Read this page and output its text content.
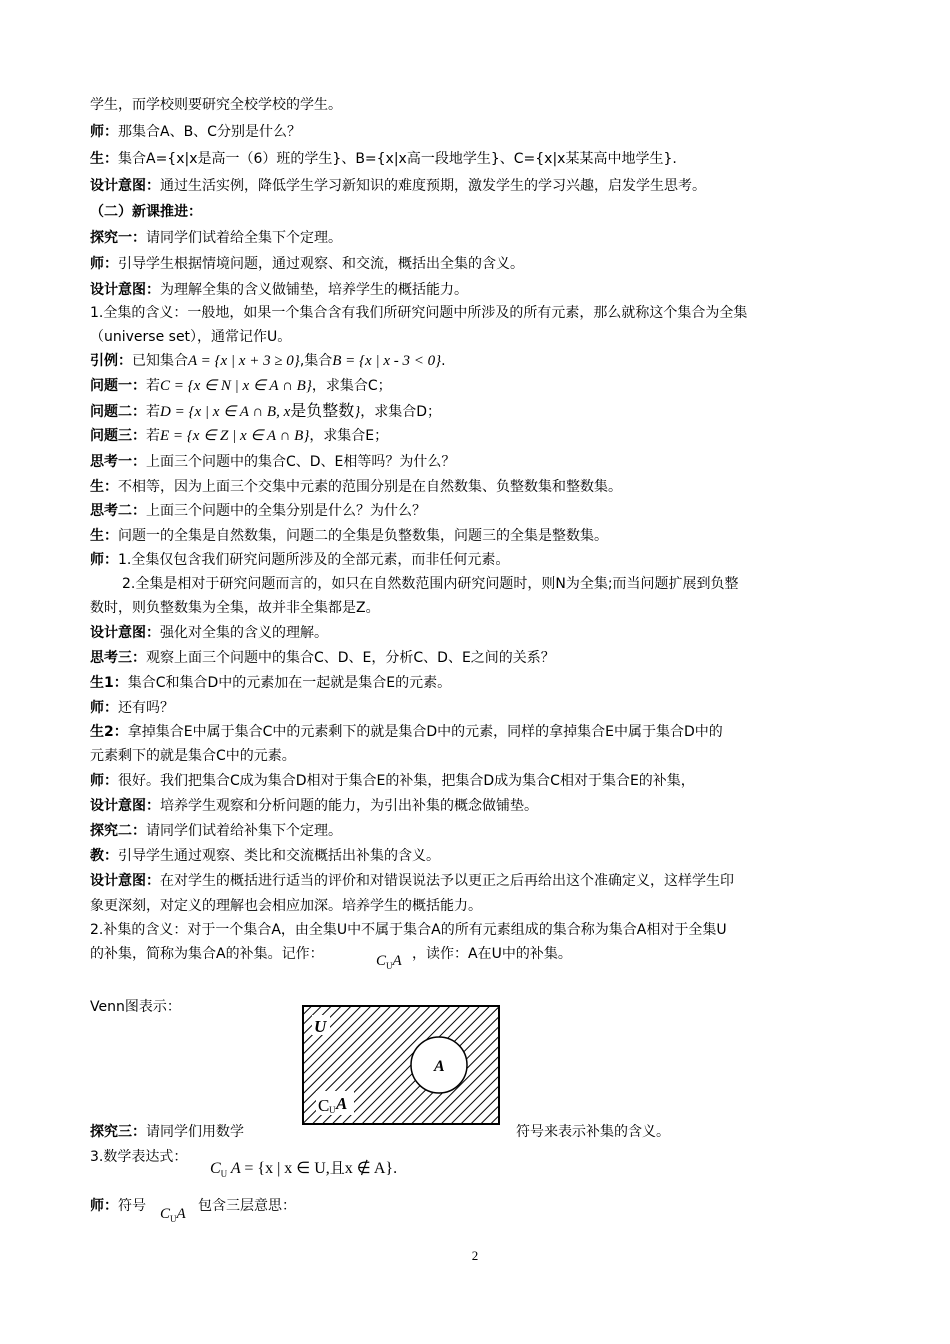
学生，而学校则要研究全校学校的学生。
师：那集合A、B、C分别是什么？
生：集合A={x|x是高一（6）班的学生}、B={x|x高一段地学生}、C={x|x某某高中地学生}.
设计意图：通过生活实例，降低学生学习新知识的难度预期，激发学生的学习兴趣，启发学生思考。
（二）新课推进：
探究一：请同学们试着给全集下个定理。
师：引导学生根据情境问题，通过观察、和交流，概括出全集的含义。
设计意图：为理解全集的含义做铺垫，培养学生的概括能力。
1.全集的含义：一般地，如果一个集合含有我们所研究问题中所涉及的所有元素，那么就称这个集合为全集
（universe set），通常记作U。
思考一：上面三个问题中的集合C、D、E相等吗？为什么？
生：不相等，因为上面三个交集中元素的范围分别是在自然数集、负整数集和整数集。
思考二：上面三个问题中的全集分别是什么？为什么？
生：问题一的全集是自然数集，问题二的全集是负整数集，问题三的全集是整数集。
师：1.全集仅包含我们研究问题所涉及的全部元素，而非任何元素。
2.全集是相对于研究问题而言的，如只在自然数范围内研究问题时，则N为全集;而当问题扩展到负整
数时，则负整数集为全集，故并非全集都是Z。
设计意图：强化对全集的含义的理解。
思考三：观察上面三个问题中的集合C、D、E，分析C、D、E之间的关系？
生1：集合C和集合D中的元素加在一起就是集合E的元素。
师：还有吗？
生2：拿掉集合E中属于集合C中的元素剩下的就是集合D中的元素，同样的拿掉集合E中属于集合D中的
元素剩下的就是集合C中的元素。
师：很好。我们把集合C成为集合D相对于集合E的补集，把集合D成为集合C相对于集合E的补集，
设计意图：培养学生观察和分析问题的能力，为引出补集的概念做铺垫。
探究二：请同学们试着给补集下个定理。
教：引导学生通过观察、类比和交流概括出补集的含义。
设计意图：在对学生的概括进行适当的评价和对错误说法予以更正之后再给出这个准确定义，这样学生印
象更深刻，对定义的理解也会相应加深。培养学生的概括能力。
2.补集的含义：对于一个集合A，由全集U中不属于集合A的所有元素组成的集合称为集合A相对于全集U
Venn图表示：
3.数学表达式：
的补集，简称为集合A的补集。记作：	$C_UA$ ，读作：A在U中的补集。
引例：已知集合A = {x | x + 3 ≥ 0},集合B = {x | x - 3 < 0}.
问题一：若C = {x ∈ N | x ∈ A ∩ B}，求集合C；
问题二：若D = {x | x ∈ A ∩ B, x是负整数}，求集合D；
问题三：若E = {x ∈ Z | x ∈ A ∩ B}，求集合E；
U
A
C U A
探究三：请同学们用数学	符号来表示补集的含义。
$C_U$ A = {x | x ∈ U,且x ∉ A}.
师：符号 $C_UA$ 包含三层意思：
2
